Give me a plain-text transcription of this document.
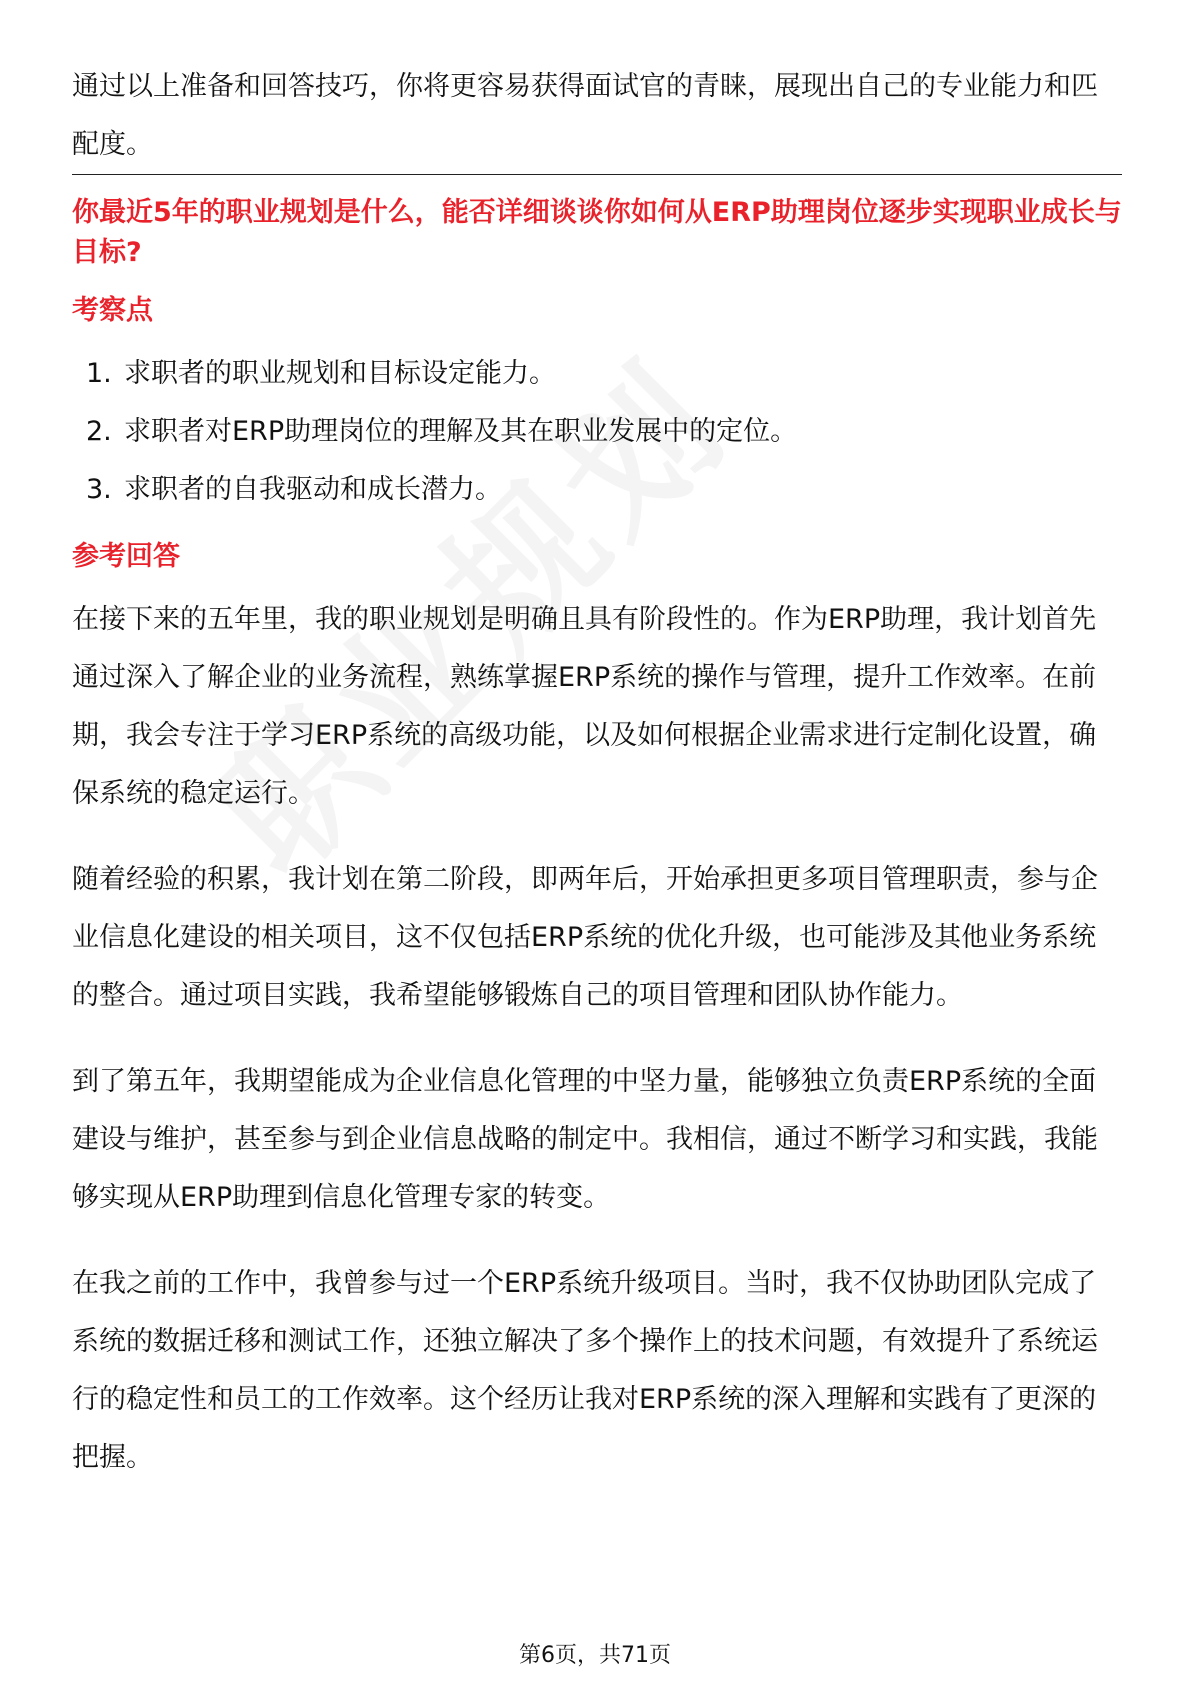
通过以上准备和回答技巧，你将更容易获得面试官的青睐，展现出自己的专业能力和匹配度。

你最近5年的职业规划是什么，能否详细谈谈你如何从ERP助理岗位逐步实现职业成长与目标?
考察点
1. 求职者的职业规划和目标设定能力。
2. 求职者对ERP助理岗位的理解及其在职业发展中的定位。
3. 求职者的自我驱动和成长潜力。
参考回答

在接下来的五年里，我的职业规划是明确且具有阶段性的。作为ERP助理，我计划首先通过深入了解企业的业务流程，熟练掌握ERP系统的操作与管理，提升工作效率。在前期，我会专注于学习ERP系统的高级功能，以及如何根据企业需求进行定制化设置，确保系统的稳定运行。

随着经验的积累，我计划在第二阶段，即两年后，开始承担更多项目管理职责，参与企业信息化建设的相关项目，这不仅包括ERP系统的优化升级，也可能涉及其他业务系统的整合。通过项目实践，我希望能够锻炼自己的项目管理和团队协作能力。

到了第五年，我期望能成为企业信息化管理的中坚力量，能够独立负责ERP系统的全面建设与维护，甚至参与到企业信息战略的制定中。我相信，通过不断学习和实践，我能够实现从ERP助理到信息化管理专家的转变。

在我之前的工作中，我曾参与过一个ERP系统升级项目。当时，我不仅协助团队完成了系统的数据迁移和测试工作，还独立解决了多个操作上的技术问题，有效提升了系统运行的稳定性和员工的工作效率。这个经历让我对ERP系统的深入理解和实践有了更深的把握。

第6页，共71页
